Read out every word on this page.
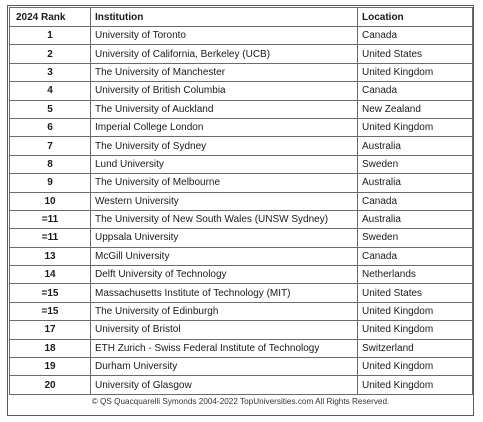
2024 Rank	Institution	Location
1	University of Toronto	Canada
2	University of California, Berkeley (UCB)	United States
3	The University of Manchester	United Kingdom
4	University of British Columbia	Canada
5	The University of Auckland	New Zealand
6	Imperial College London	United Kingdom
7	The University of Sydney	Australia
8	Lund University	Sweden
9	The University of Melbourne	Australia
10	Western University	Canada
=11	The University of New South Wales (UNSW Sydney)	Australia
=11	Uppsala University	Sweden
13	McGill University	Canada
14	Delft University of Technology	Netherlands
=15	Massachusetts Institute of Technology (MIT)	United States
=15	The University of Edinburgh	United Kingdom
17	University of Bristol	United Kingdom
18	ETH Zurich - Swiss Federal Institute of Technology	Switzerland
19	Durham University	United Kingdom
20	University of Glasgow	United Kingdom
© QS Quacquarelli Symonds 2004-2022 TopUniversities.com All Rights Reserved.
